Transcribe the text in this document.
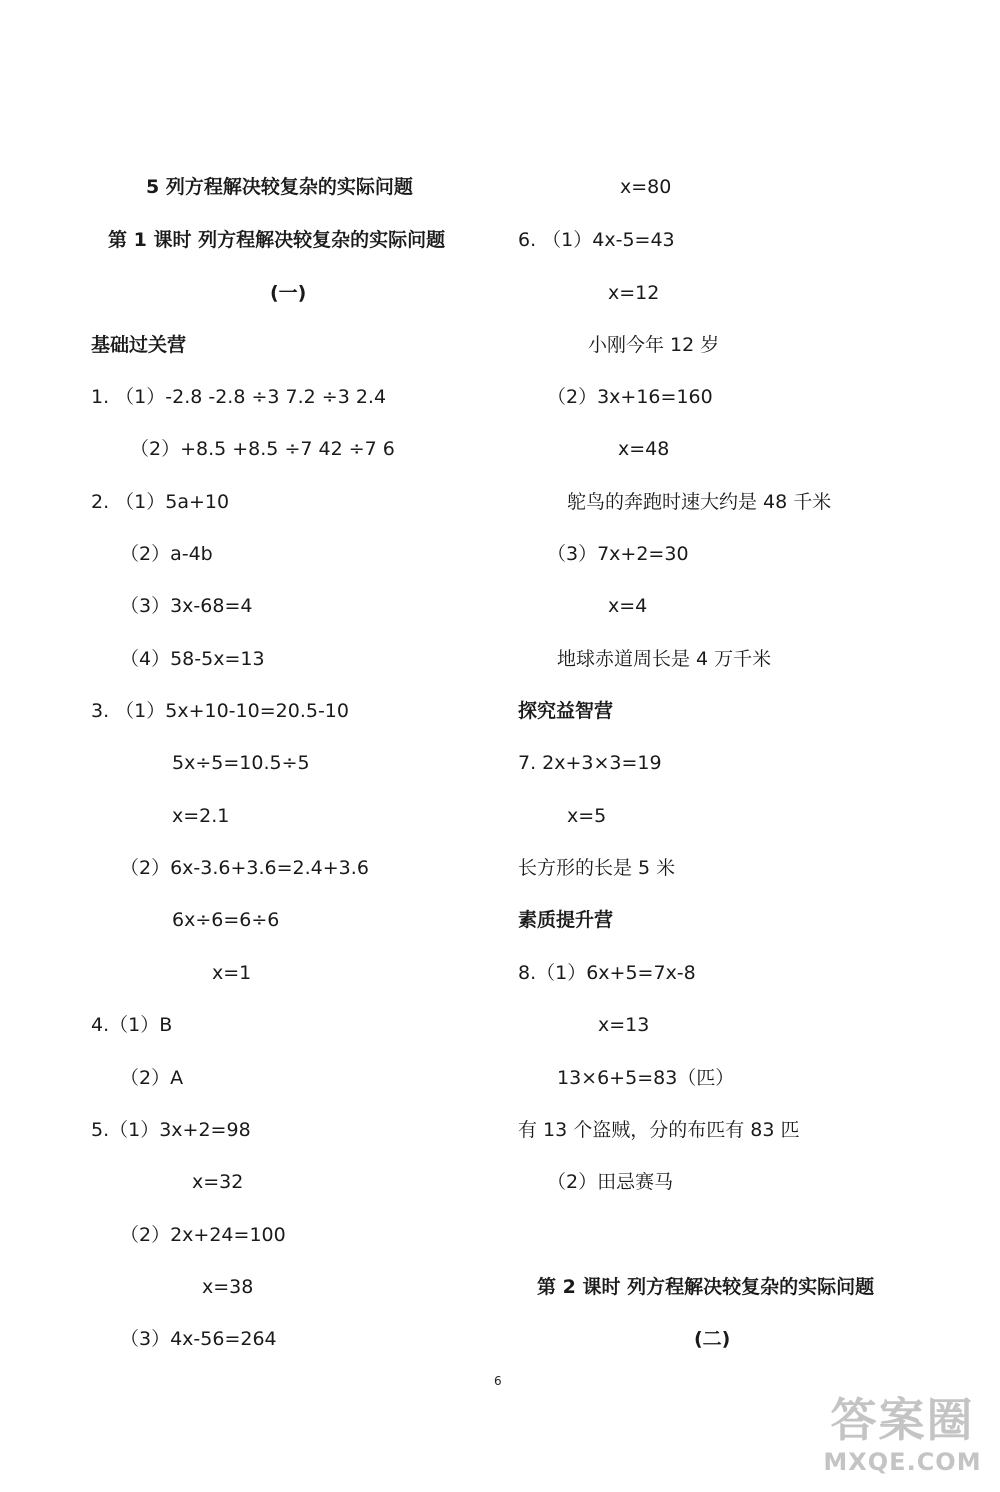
5 列方程解决较复杂的实际问题
第 1 课时 列方程解决较复杂的实际问题
(一)
基础过关营
1. （1）-2.8 -2.8 ÷3 7.2 ÷3 2.4
（2）+8.5 +8.5 ÷7 42 ÷7 6
2. （1）5a+10
（2）a-4b
（3）3x-68=4
（4）58-5x=13
3. （1）5x+10-10=20.5-10
5x÷5=10.5÷5
x=2.1
（2）6x-3.6+3.6=2.4+3.6
6x÷6=6÷6
x=1
4.（1）B
（2）A
5.（1）3x+2=98
x=32
（2）2x+24=100
x=38
（3）4x-56=264
x=80
6. （1）4x-5=43
x=12
小刚今年 12 岁
（2）3x+16=160
x=48
鸵鸟的奔跑时速大约是 48 千米
（3）7x+2=30
x=4
地球赤道周长是 4 万千米
探究益智营
7. 2x+3×3=19
x=5
长方形的长是 5 米
素质提升营
8.（1）6x+5=7x-8
x=13
13×6+5=83（匹）
有 13 个盗贼，分的布匹有 83 匹
（2）田忌赛马
第 2 课时 列方程解决较复杂的实际问题
(二)
6
答案圈
MXQE.COM
